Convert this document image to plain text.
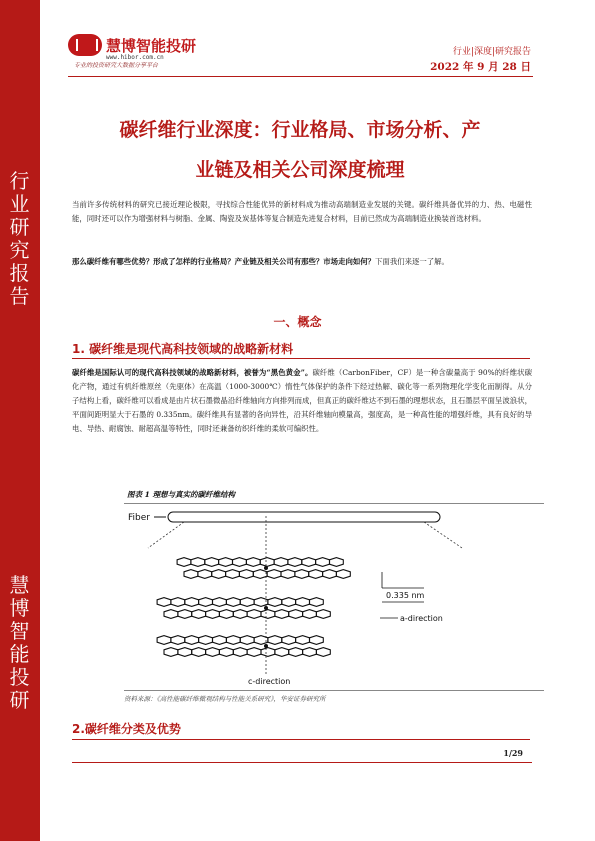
行
业
研
究
报
告
慧
博
智
能
投
研
慧博智能投研
www.hibor.com.cn
专业的投资研究大数据分享平台
行业|深度|研究报告
2022 年 9 月 28 日
碳纤维行业深度：行业格局、市场分析、产
业链及相关公司深度梳理
当前许多传统材料的研究已接近理论极限，寻找综合性能优异的新材料成为推动高端制造业发展的关键。碳纤维具备优异的力、热、电磁性能，同时还可以作为增强材料与树脂、金属、陶瓷及炭基体等复合制造先进复合材料，目前已然成为高端制造业换装首选材料。
那么碳纤维有哪些优势？形成了怎样的行业格局？产业链及相关公司有那些？市场走向如何？下面我们来逐一了解。
一、概念
1. 碳纤维是现代高科技领域的战略新材料
碳纤维是国际认可的现代高科技领域的战略新材料，被誉为“黑色黄金”。碳纤维（CarbonFiber，CF）是一种含碳量高于 90%的纤维状碳化产物，通过有机纤维原丝（先驱体）在高温（1000-3000℃）惰性气体保护的条件下经过热解、碳化等一系列物理化学变化而制得。从分子结构上看，碳纤维可以看成是由片状石墨微晶沿纤维轴向方向排列而成，但真正的碳纤维达不到石墨的理想状态，且石墨层平面呈波浪状，平面间距明显大于石墨的 0.335nm。碳纤维具有显著的各向异性，沿其纤维轴向模量高，强度高，是一种高性能的增强纤维，具有良好的导电、导热、耐腐蚀、耐超高温等特性，同时还兼备纺织纤维的柔软可编织性。
图表 1 理想与真实的碳纤维结构
Fiber
0.335 nm
a-direction
c-direction
资料来源：《高性能碳纤维微观结构与性能关系研究》，华安证券研究所
2.碳纤维分类及优势
1/29
